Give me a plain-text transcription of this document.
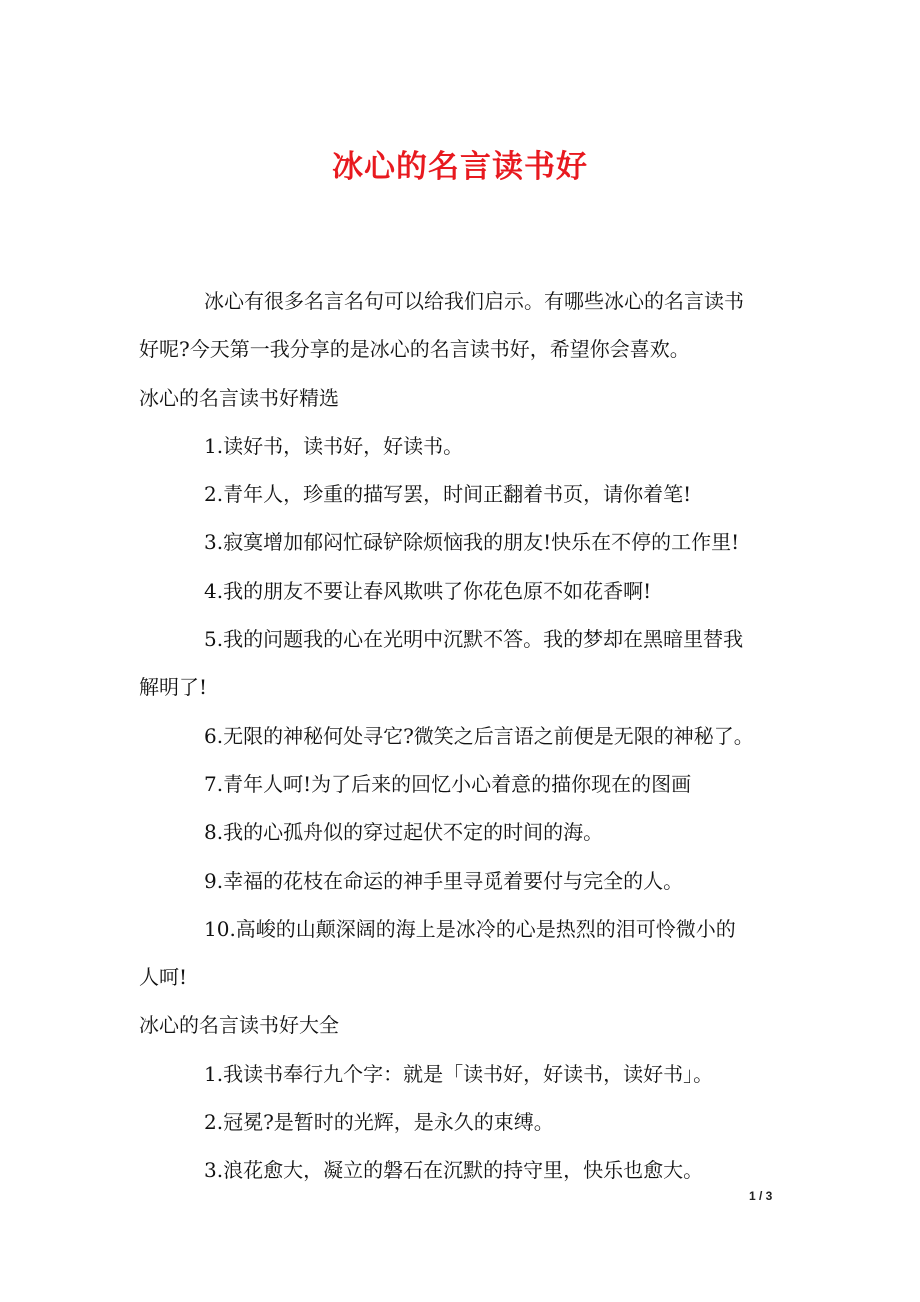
冰心的名言读书好

冰心有很多名言名句可以给我们启示。有哪些冰心的名言读书

好呢?今天第一我分享的是冰心的名言读书好，希望你会喜欢。

冰心的名言读书好精选

1.读好书，读书好，好读书。

2.青年人，珍重的描写罢，时间正翻着书页，请你着笔!

3.寂寞增加郁闷忙碌铲除烦恼我的朋友!快乐在不停的工作里!

4.我的朋友不要让春风欺哄了你花色原不如花香啊!

5.我的问题我的心在光明中沉默不答。我的梦却在黑暗里替我

解明了!

6.无限的神秘何处寻它?微笑之后言语之前便是无限的神秘了。

7.青年人呵!为了后来的回忆小心着意的描你现在的图画

8.我的心孤舟似的穿过起伏不定的时间的海。

9.幸福的花枝在命运的神手里寻觅着要付与完全的人。

10.高峻的山颠深阔的海上是冰冷的心是热烈的泪可怜微小的

人呵!

冰心的名言读书好大全

1.我读书奉行九个字：就是「读书好，好读书，读好书」。

2.冠冕?是暂时的光辉，是永久的束缚。

3.浪花愈大，凝立的磐石在沉默的持守里，快乐也愈大。

1 / 3
